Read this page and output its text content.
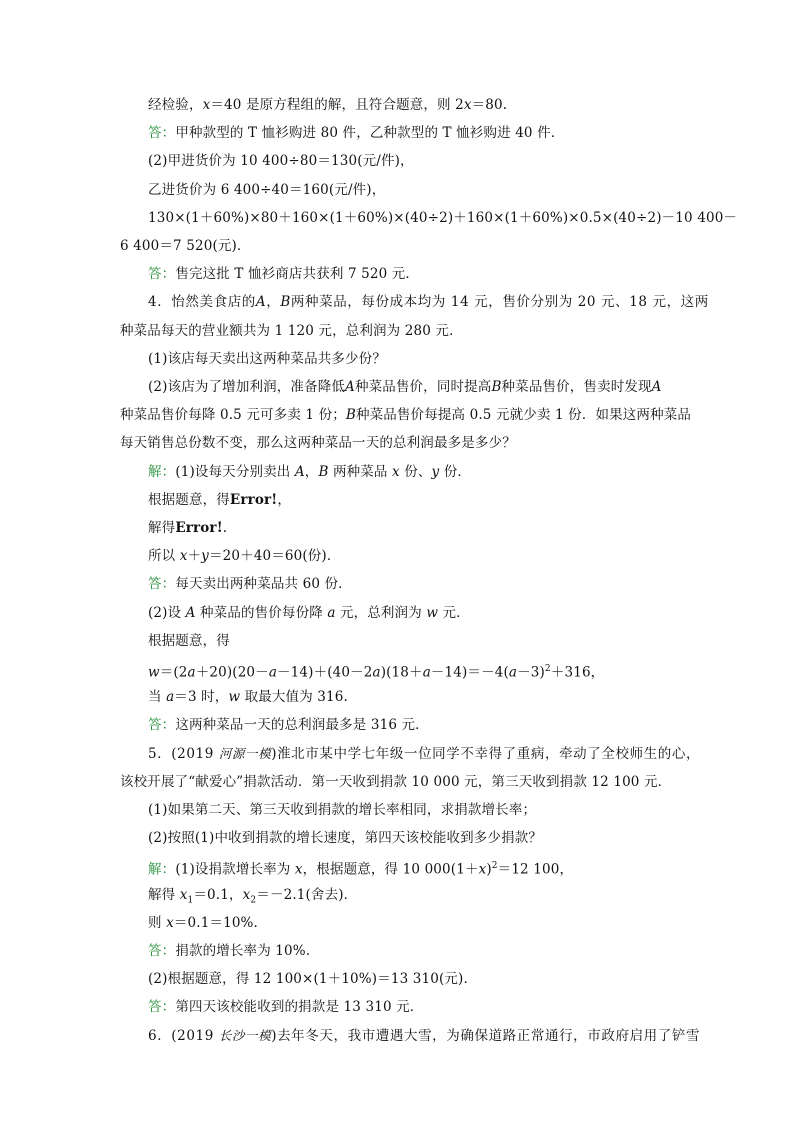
经检验，x＝40 是原方程组的解，且符合题意，则 2x＝80.
答：甲种款型的 T 恤衫购进 80 件，乙种款型的 T 恤衫购进 40 件．
(2)甲进货价为 10 400÷80＝130(元/件)，
乙进货价为 6 400÷40＝160(元/件)，
130×(1＋60%)×80＋160×(1＋60%)×(40÷2)＋160×(1＋60%)×0.5×(40÷2)－10 400－
6 400＝7 520(元)．
答：售完这批 T 恤衫商店共获利 7 520 元．
4．怡然美食店的A，B两种菜品，每份成本均为 14 元，售价分别为 20 元、18 元，这两
种菜品每天的营业额共为 1 120 元，总利润为 280 元．
(1)该店每天卖出这两种菜品共多少份？
(2)该店为了增加利润，准备降低A种菜品售价，同时提高B种菜品售价，售卖时发现A
种菜品售价每降 0.5 元可多卖 1 份；B种菜品售价每提高 0.5 元就少卖 1 份．如果这两种菜品
每天销售总份数不变，那么这两种菜品一天的总利润最多是多少？
解：(1)设每天分别卖出 A，B 两种菜品 x 份、y 份．
根据题意，得Error!，
解得Error!.
所以 x＋y＝20＋40＝60(份)．
答：每天卖出两种菜品共 60 份．
(2)设 A 种菜品的售价每份降 a 元，总利润为 w 元．
根据题意，得
$w=(2a+20)(20-a-14)+(40-2a)(18+a-14)=-4(a-3)^2+316$，
当 a＝3 时，w 取最大值为 316.
答：这两种菜品一天的总利润最多是 316 元．
5．(2019 河源一模)淮北市某中学七年级一位同学不幸得了重病，牵动了全校师生的心，
该校开展了“献爱心”捐款活动．第一天收到捐款 10 000 元，第三天收到捐款 12 100 元．
(1)如果第二天、第三天收到捐款的增长率相同，求捐款增长率；
(2)按照(1)中收到捐款的增长速度，第四天该校能收到多少捐款？
解：(1)设捐款增长率为 x，根据题意，得 10 $000(1+x)^2=12$ 100，
解得 $x_1=0.1$，$x_2=-2.1$(舍去)．
则 x＝0.1＝10%.
答：捐款的增长率为 10%.
(2)根据题意，得 12 100×(1＋10%)＝13 310(元)．
答：第四天该校能收到的捐款是 13 310 元．
6．(2019 长沙一模)去年冬天，我市遭遇大雪，为确保道路正常通行，市政府启用了铲雪
